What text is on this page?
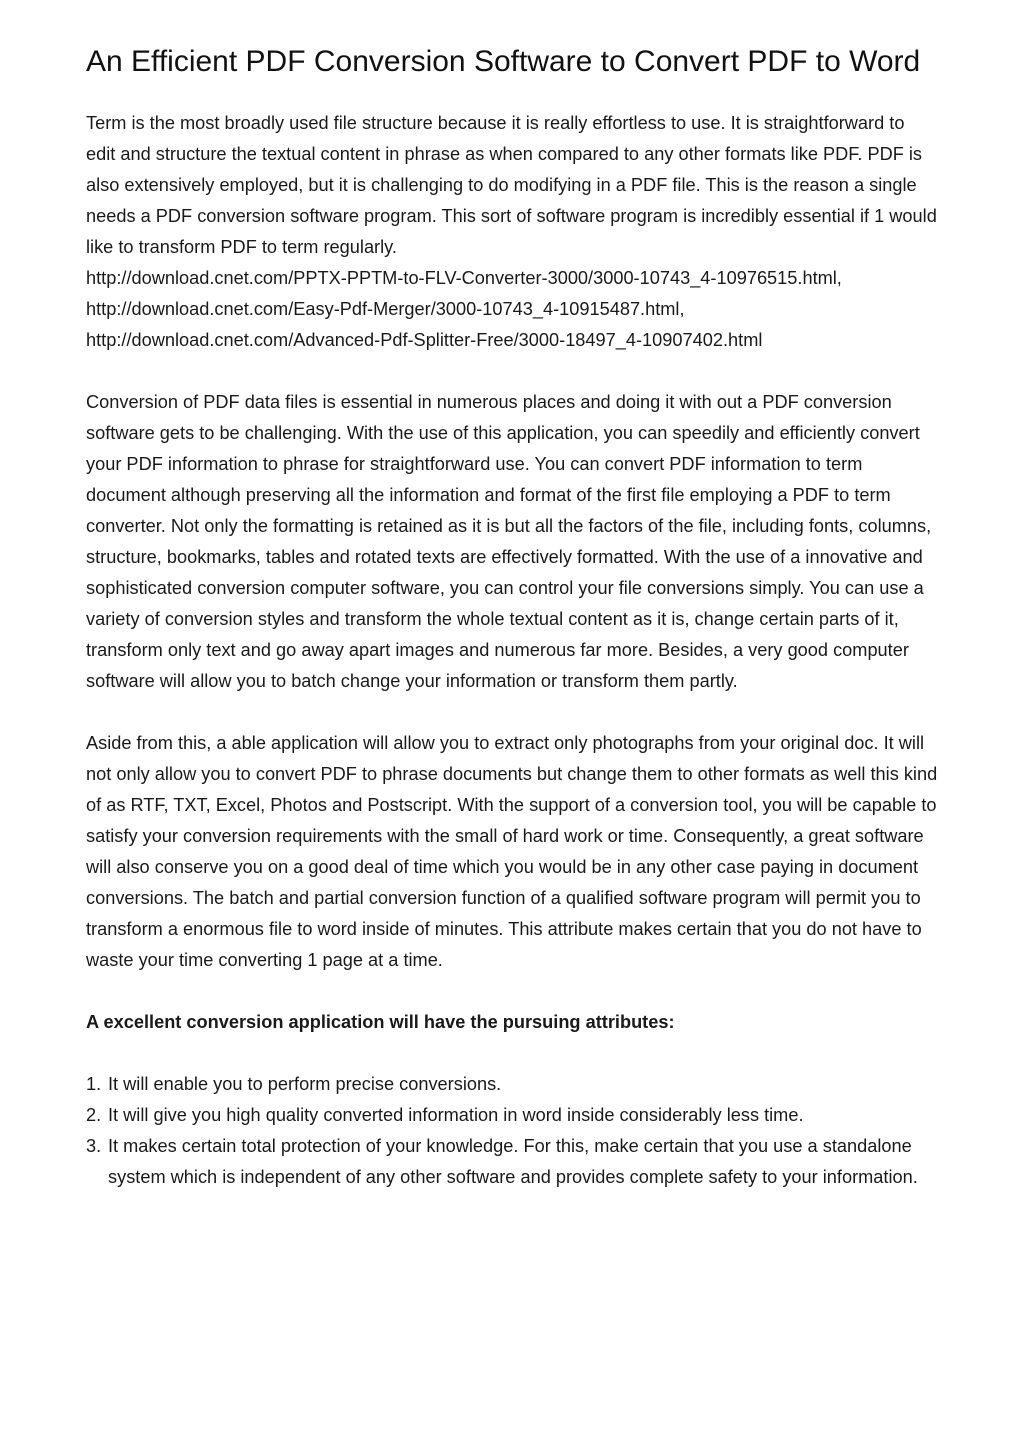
An Efficient PDF Conversion Software to Convert PDF to Word
Term is the most broadly used file structure because it is really effortless to use. It is straightforward to edit and structure the textual content in phrase as when compared to any other formats like PDF. PDF is also extensively employed, but it is challenging to do modifying in a PDF file. This is the reason a single needs a PDF conversion software program. This sort of software program is incredibly essential if 1 would like to transform PDF to term regularly.
http://download.cnet.com/PPTX-PPTM-to-FLV-Converter-3000/3000-10743_4-10976515.html, http://download.cnet.com/Easy-Pdf-Merger/3000-10743_4-10915487.html, http://download.cnet.com/Advanced-Pdf-Splitter-Free/3000-18497_4-10907402.html

Conversion of PDF data files is essential in numerous places and doing it with out a PDF conversion software gets to be challenging. With the use of this application, you can speedily and efficiently convert your PDF information to phrase for straightforward use. You can convert PDF information to term document although preserving all the information and format of the first file employing a PDF to term converter. Not only the formatting is retained as it is but all the factors of the file, including fonts, columns, structure, bookmarks, tables and rotated texts are effectively formatted. With the use of a innovative and sophisticated conversion computer software, you can control your file conversions simply. You can use a variety of conversion styles and transform the whole textual content as it is, change certain parts of it, transform only text and go away apart images and numerous far more. Besides, a very good computer software will allow you to batch change your information or transform them partly.

Aside from this, a able application will allow you to extract only photographs from your original doc. It will not only allow you to convert PDF to phrase documents but change them to other formats as well this kind of as RTF, TXT, Excel, Photos and Postscript. With the support of a conversion tool, you will be capable to satisfy your conversion requirements with the small of hard work or time. Consequently, a great software will also conserve you on a good deal of time which you would be in any other case paying in document conversions. The batch and partial conversion function of a qualified software program will permit you to transform a enormous file to word inside of minutes. This attribute makes certain that you do not have to waste your time converting 1 page at a time.

A excellent conversion application will have the pursuing attributes:

1. It will enable you to perform precise conversions.
2. It will give you high quality converted information in word inside considerably less time.
3. It makes certain total protection of your knowledge. For this, make certain that you use a standalone system which is independent of any other software and provides complete safety to your information.
